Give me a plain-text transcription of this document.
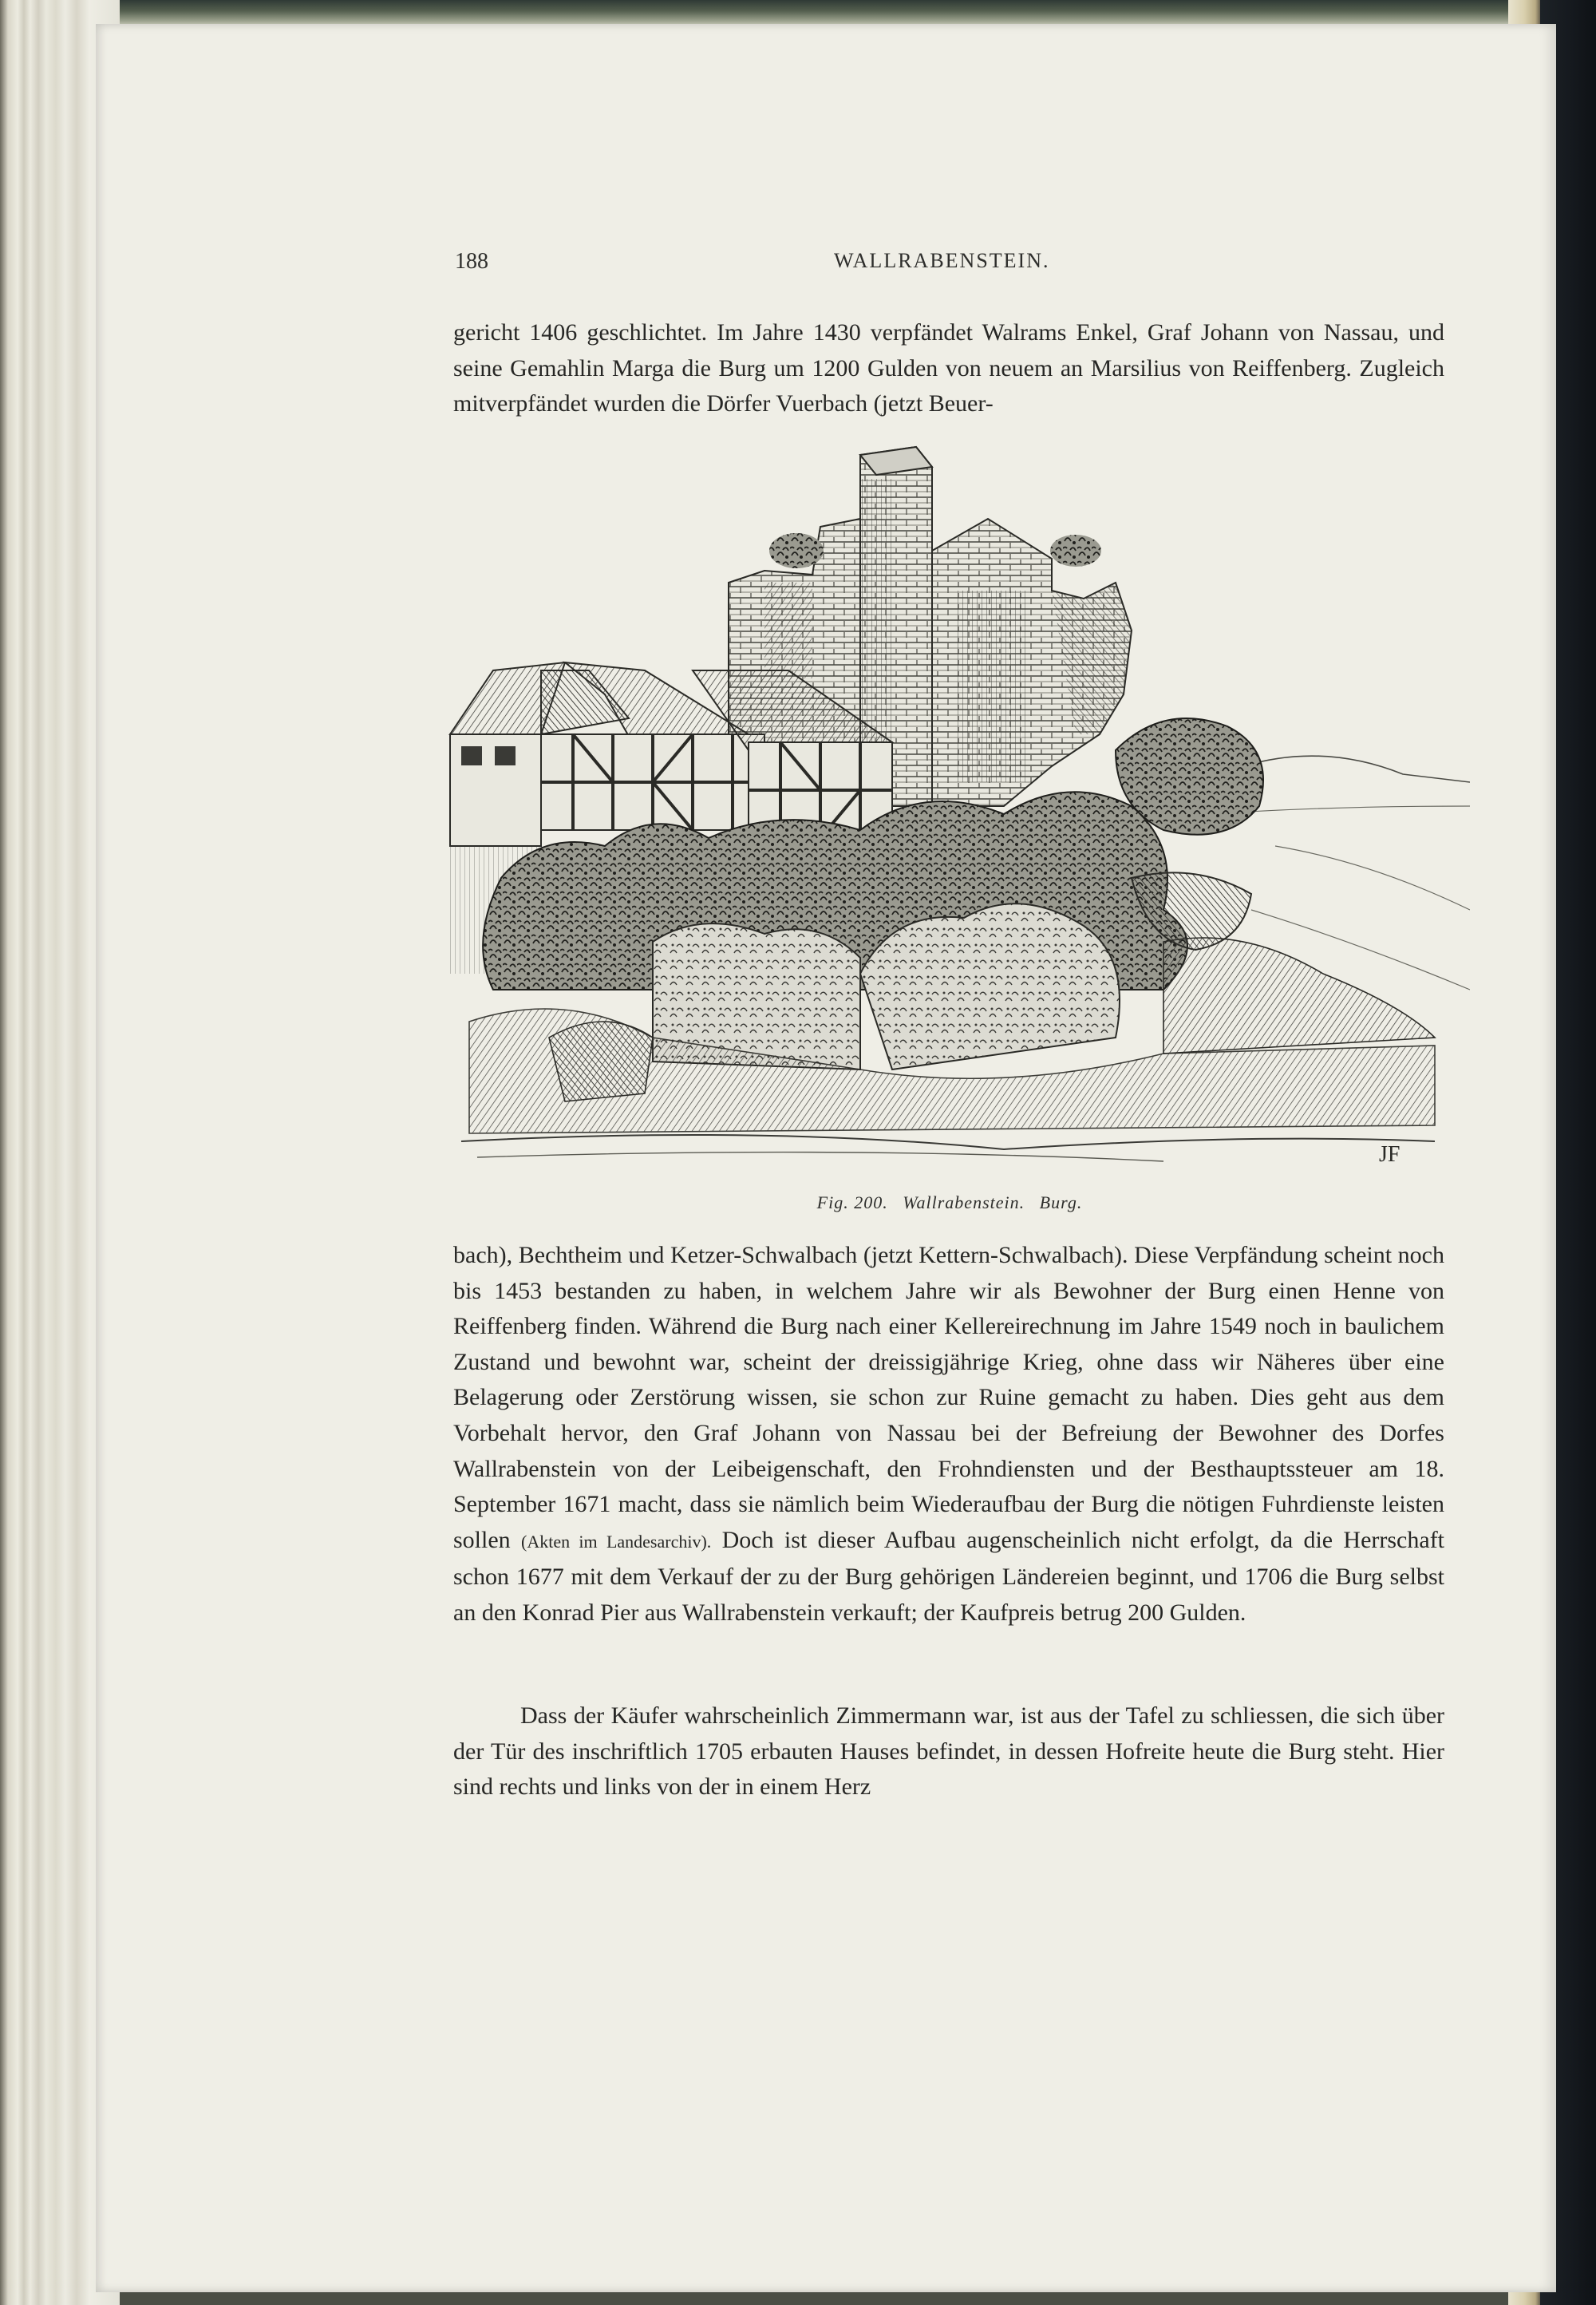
188	WALLRABENSTEIN.

gericht 1406 geschlichtet. Im Jahre 1430 verpfändet Walrams Enkel, Graf Johann von Nassau, und seine Gemahlin Marga die Burg um 1200 Gulden von neuem an Marsilius von Reiffenberg. Zugleich mitverpfändet wurden die Dörfer Vuerbach (jetzt Beuer-

JF
Fig. 200. Wallrabenstein. Burg.

bach), Bechtheim und Ketzer-Schwalbach (jetzt Kettern-Schwalbach). Diese Verpfändung scheint noch bis 1453 bestanden zu haben, in welchem Jahre wir als Bewohner der Burg einen Henne von Reiffenberg finden. Während die Burg nach einer Kellereirechnung im Jahre 1549 noch in baulichem Zustand und bewohnt war, scheint der dreissigjährige Krieg, ohne dass wir Näheres über eine Belagerung oder Zerstörung wissen, sie schon zur Ruine gemacht zu haben. Dies geht aus dem Vorbehalt hervor, den Graf Johann von Nassau bei der Befreiung der Bewohner des Dorfes Wallrabenstein von der Leibeigenschaft, den Frohndiensten und der Besthauptssteuer am 18. September 1671 macht, dass sie nämlich beim Wiederaufbau der Burg die nötigen Fuhrdienste leisten sollen (Akten im Landesarchiv). Doch ist dieser Aufbau augenscheinlich nicht erfolgt, da die Herrschaft schon 1677 mit dem Verkauf der zu der Burg gehörigen Ländereien beginnt, und 1706 die Burg selbst an den Konrad Pier aus Wallrabenstein verkauft; der Kaufpreis betrug 200 Gulden.

Dass der Käufer wahrscheinlich Zimmermann war, ist aus der Tafel zu schliessen, die sich über der Tür des inschriftlich 1705 erbauten Hauses befindet, in dessen Hofreite heute die Burg steht. Hier sind rechts und links von der in einem Herz
